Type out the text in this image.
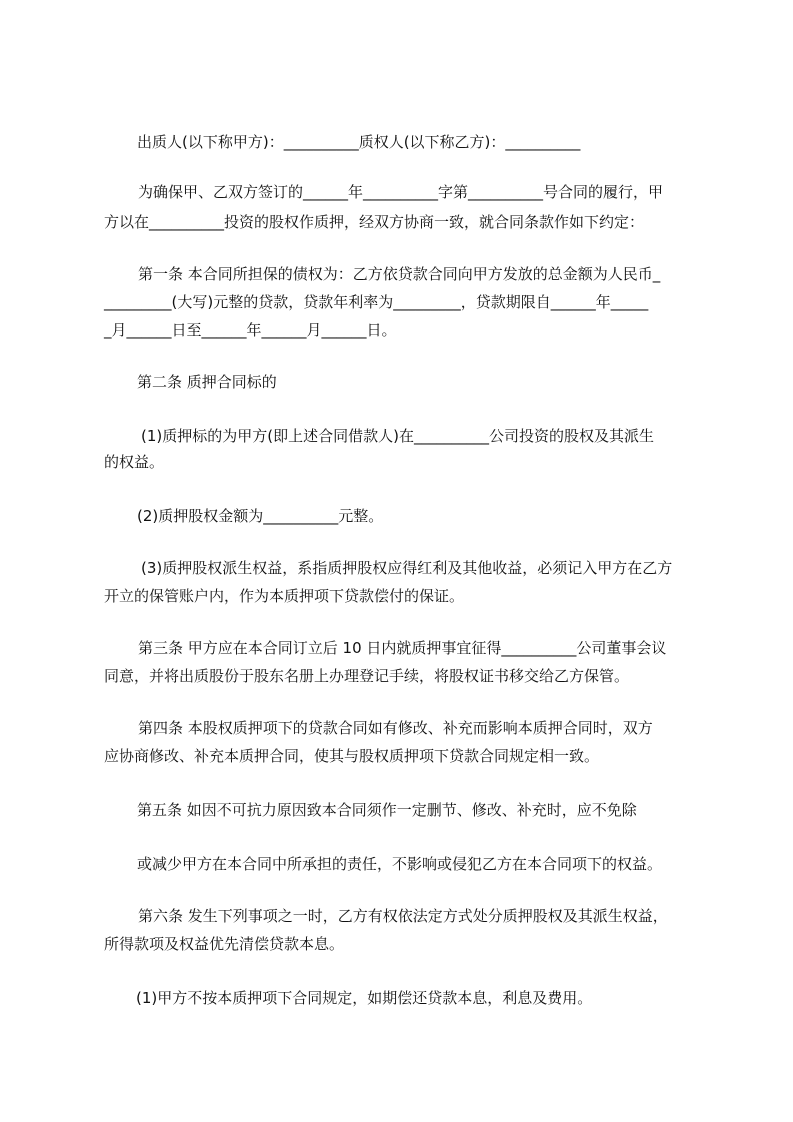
出质人(以下称甲方)：__________质权人(以下称乙方)：__________
为确保甲、乙双方签订的______年__________字第__________号合同的履行，甲
方以在__________投资的股权作质押，经双方协商一致，就合同条款作如下约定：
第一条 本合同所担保的债权为：乙方依贷款合同向甲方发放的总金额为人民币_
_________(大写)元整的贷款，贷款年利率为_________，贷款期限自______年_____
_月______日至______年______月______日。
第二条 质押合同标的
(1)质押标的为甲方(即上述合同借款人)在__________公司投资的股权及其派生
的权益。
(2)质押股权金额为__________元整。
(3)质押股权派生权益，系指质押股权应得红利及其他收益，必须记入甲方在乙方
开立的保管账户内，作为本质押项下贷款偿付的保证。
第三条 甲方应在本合同订立后 10 日内就质押事宜征得__________公司董事会议
同意，并将出质股份于股东名册上办理登记手续，将股权证书移交给乙方保管。
第四条 本股权质押项下的贷款合同如有修改、补充而影响本质押合同时，双方
应协商修改、补充本质押合同，使其与股权质押项下贷款合同规定相一致。
第五条 如因不可抗力原因致本合同须作一定删节、修改、补充时，应不免除
或减少甲方在本合同中所承担的责任，不影响或侵犯乙方在本合同项下的权益。
第六条 发生下列事项之一时，乙方有权依法定方式处分质押股权及其派生权益，
所得款项及权益优先清偿贷款本息。
(1)甲方不按本质押项下合同规定，如期偿还贷款本息，利息及费用。
